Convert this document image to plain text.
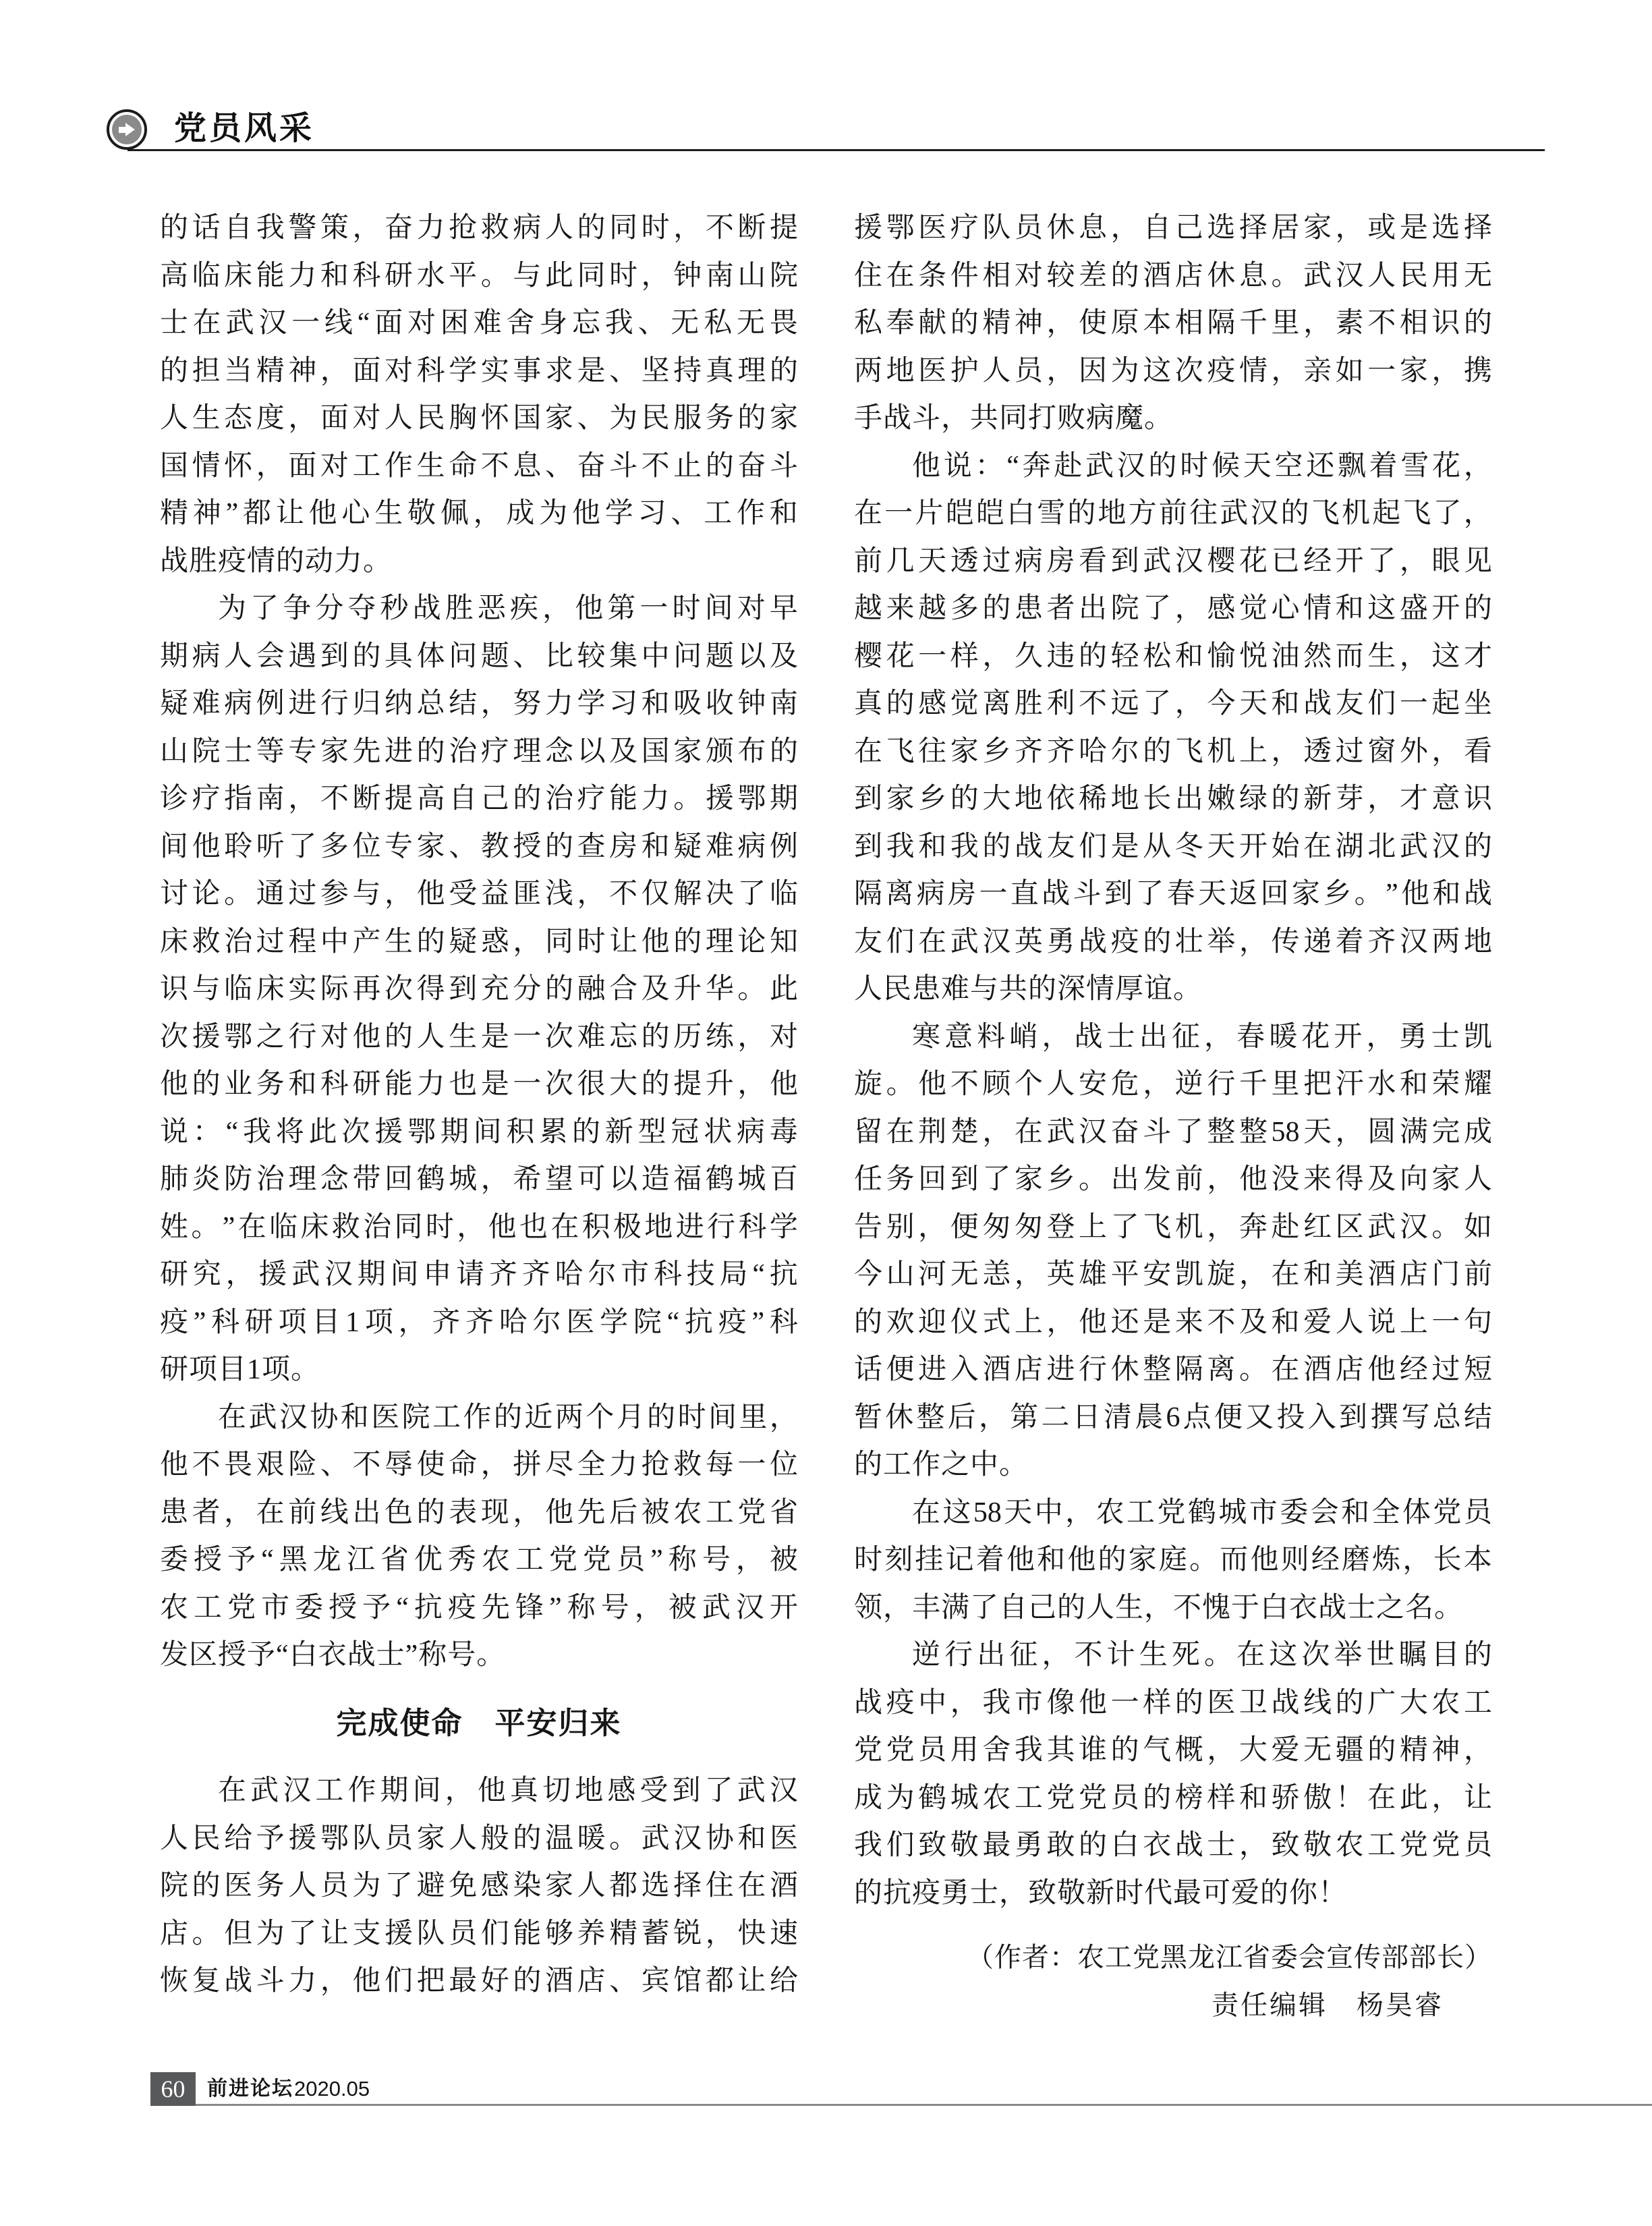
党员风采
的 话 自 我 警 策 ， 奋 力 抢 救 病 人 的 同 时 ， 不 断 提
高 临 床 能 力 和 科 研 水 平 。 与 此 同 时 ， 钟 南 山 院
士 在 武 汉 一 线 “ 面 对 困 难 舍 身 忘 我 、 无 私 无 畏
的 担 当 精 神 ， 面 对 科 学 实 事 求 是 、 坚 持 真 理 的
人 生 态 度 ， 面 对 人 民 胸 怀 国 家 、 为 民 服 务 的 家
国 情 怀 ， 面 对 工 作 生 命 不 息 、 奋 斗 不 止 的 奋 斗
精 神 ” 都 让 他 心 生 敬 佩 ， 成 为 他 学 习 、 工 作 和
战胜疫情的动力。
为 了 争 分 夺 秒 战 胜 恶 疾 ， 他 第 一 时 间 对 早
期 病 人 会 遇 到 的 具 体 问 题 、 比 较 集 中 问 题 以 及
疑 难 病 例 进 行 归 纳 总 结 ， 努 力 学 习 和 吸 收 钟 南
山 院 士 等 专 家 先 进 的 治 疗 理 念 以 及 国 家 颁 布 的
诊 疗 指 南 ， 不 断 提 高 自 己 的 治 疗 能 力 。 援 鄂 期
间 他 聆 听 了 多 位 专 家 、 教 授 的 查 房 和 疑 难 病 例
讨 论 。 通 过 参 与 ， 他 受 益 匪 浅 ， 不 仅 解 决 了 临
床 救 治 过 程 中 产 生 的 疑 惑 ， 同 时 让 他 的 理 论 知
识 与 临 床 实 际 再 次 得 到 充 分 的 融 合 及 升 华 。 此
次 援 鄂 之 行 对 他 的 人 生 是 一 次 难 忘 的 历 练 ， 对
他 的 业 务 和 科 研 能 力 也 是 一 次 很 大 的 提 升 ， 他
说 ： “ 我 将 此 次 援 鄂 期 间 积 累 的 新 型 冠 状 病 毒
肺 炎 防 治 理 念 带 回 鹤 城 ， 希 望 可 以 造 福 鹤 城 百
姓 。 ” 在 临 床 救 治 同 时 ， 他 也 在 积 极 地 进 行 科 学
研 究 ， 援 武 汉 期 间 申 请 齐 齐 哈 尔 市 科 技 局 “ 抗
疫 ” 科 研 项 目 1 项 ， 齐 齐 哈 尔 医 学 院 “ 抗 疫 ” 科
研项目1项。
在 武 汉 协 和 医 院 工 作 的 近 两 个 月 的 时 间 里 ，
他 不 畏 艰 险 、 不 辱 使 命 ， 拼 尽 全 力 抢 救 每 一 位
患 者 ， 在 前 线 出 色 的 表 现 ， 他 先 后 被 农 工 党 省
委 授 予 “ 黑 龙 江 省 优 秀 农 工 党 党 员 ” 称 号 ， 被
农 工 党 市 委 授 予 “ 抗 疫 先 锋 ” 称 号 ， 被 武 汉 开
发区授予“白衣战士”称号。
完成使命　平安归来
在 武 汉 工 作 期 间 ， 他 真 切 地 感 受 到 了 武 汉
人 民 给 予 援 鄂 队 员 家 人 般 的 温 暖 。 武 汉 协 和 医
院 的 医 务 人 员 为 了 避 免 感 染 家 人 都 选 择 住 在 酒
店 。 但 为 了 让 支 援 队 员 们 能 够 养 精 蓄 锐 ， 快 速
恢 复 战 斗 力 ， 他 们 把 最 好 的 酒 店 、 宾 馆 都 让 给
援 鄂 医 疗 队 员 休 息 ， 自 己 选 择 居 家 ， 或 是 选 择
住 在 条 件 相 对 较 差 的 酒 店 休 息 。 武 汉 人 民 用 无
私 奉 献 的 精 神 ， 使 原 本 相 隔 千 里 ， 素 不 相 识 的
两 地 医 护 人 员 ， 因 为 这 次 疫 情 ， 亲 如 一 家 ， 携
手战斗，共同打败病魔。
他 说 ： “ 奔 赴 武 汉 的 时 候 天 空 还 飘 着 雪 花 ，
在 一 片 皑 皑 白 雪 的 地 方 前 往 武 汉 的 飞 机 起 飞 了 ，
前 几 天 透 过 病 房 看 到 武 汉 樱 花 已 经 开 了 ， 眼 见
越 来 越 多 的 患 者 出 院 了 ， 感 觉 心 情 和 这 盛 开 的
樱 花 一 样 ， 久 违 的 轻 松 和 愉 悦 油 然 而 生 ， 这 才
真 的 感 觉 离 胜 利 不 远 了 ， 今 天 和 战 友 们 一 起 坐
在 飞 往 家 乡 齐 齐 哈 尔 的 飞 机 上 ， 透 过 窗 外 ， 看
到 家 乡 的 大 地 依 稀 地 长 出 嫩 绿 的 新 芽 ， 才 意 识
到 我 和 我 的 战 友 们 是 从 冬 天 开 始 在 湖 北 武 汉 的
隔 离 病 房 一 直 战 斗 到 了 春 天 返 回 家 乡 。 ” 他 和 战
友 们 在 武 汉 英 勇 战 疫 的 壮 举 ， 传 递 着 齐 汉 两 地
人民患难与共的深情厚谊。
寒 意 料 峭 ， 战 士 出 征 ， 春 暖 花 开 ， 勇 士 凯
旋 。 他 不 顾 个 人 安 危 ， 逆 行 千 里 把 汗 水 和 荣 耀
留 在 荆 楚 ， 在 武 汉 奋 斗 了 整 整 58 天 ， 圆 满 完 成
任 务 回 到 了 家 乡 。 出 发 前 ， 他 没 来 得 及 向 家 人
告 别 ， 便 匆 匆 登 上 了 飞 机 ， 奔 赴 红 区 武 汉 。 如
今 山 河 无 恙 ， 英 雄 平 安 凯 旋 ， 在 和 美 酒 店 门 前
的 欢 迎 仪 式 上 ， 他 还 是 来 不 及 和 爱 人 说 上 一 句
话 便 进 入 酒 店 进 行 休 整 隔 离 。 在 酒 店 他 经 过 短
暂 休 整 后 ， 第 二 日 清 晨 6 点 便 又 投 入 到 撰 写 总 结
的工作之中。
在 这 58 天 中 ， 农 工 党 鹤 城 市 委 会 和 全 体 党 员
时 刻 挂 记 着 他 和 他 的 家 庭 。 而 他 则 经 磨 炼 ， 长 本
领，丰满了自己的人生，不愧于白衣战士之名。
逆 行 出 征 ， 不 计 生 死 。 在 这 次 举 世 瞩 目 的
战 疫 中 ， 我 市 像 他 一 样 的 医 卫 战 线 的 广 大 农 工
党 党 员 用 舍 我 其 谁 的 气 概 ， 大 爱 无 疆 的 精 神 ，
成 为 鹤 城 农 工 党 党 员 的 榜 样 和 骄 傲 ！ 在 此 ， 让
我 们 致 敬 最 勇 敢 的 白 衣 战 士 ， 致 敬 农 工 党 党 员
的抗疫勇士，致敬新时代最可爱的你！
（作者：农工党黑龙江省委会宣传部部长）
责任编辑　杨昊睿
60	前进论坛 2020.05
